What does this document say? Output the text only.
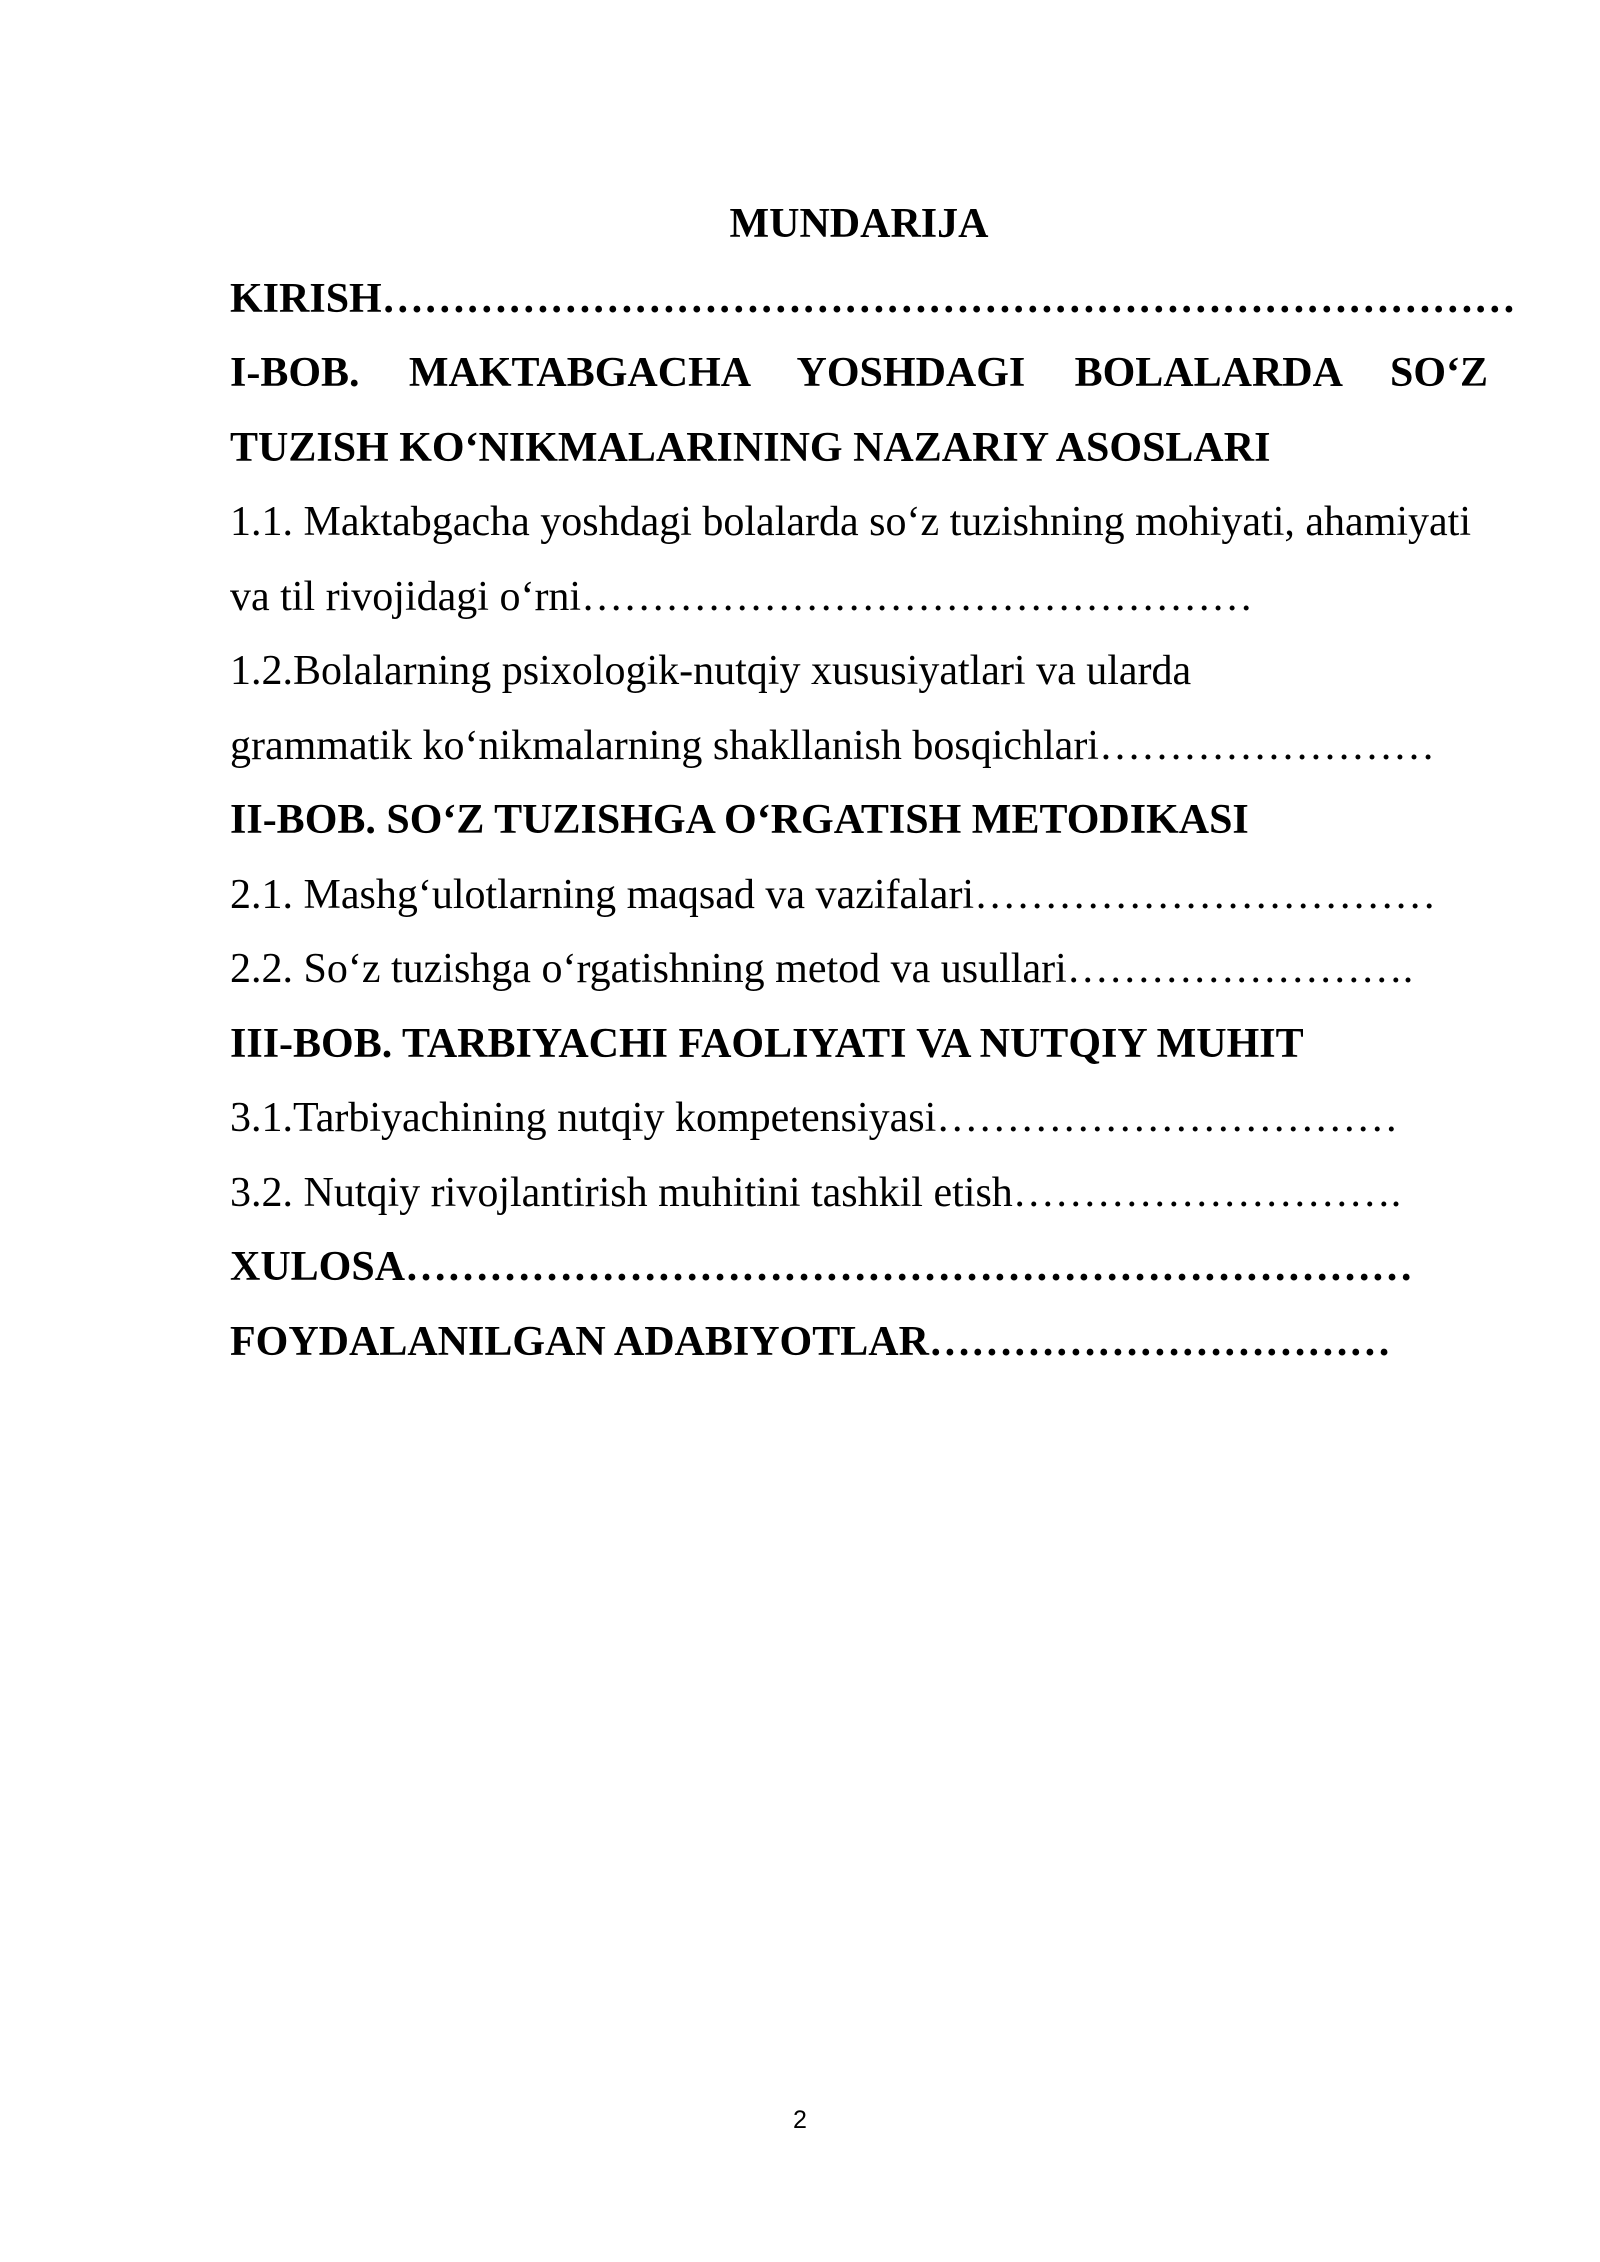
MUNDARIJA
KIRISH………………………………………………………………………
I-BOB. MAKTABGACHA YOSHDAGI BOLALARDA SO‘Z
TUZISH KO‘NIKMALARINING NAZARIY ASOSLARI
1.1. Maktabgacha yoshdagi bolalarda so‘z tuzishning mohiyati, ahamiyati
va til rivojidagi o‘rni…………………………………………
1.2.Bolalarning psixologik-nutqiy xususiyatlari va ularda
grammatik ko‘nikmalarning shakllanish bosqichlari……………………
II-BOB. SO‘Z TUZISHGA O‘RGATISH METODIKASI
2.1. Mashg‘ulotlarning maqsad va vazifalari……………………………
2.2. So‘z tuzishga o‘rgatishning metod va usullari…………………….
III-BOB. TARBIYACHI FAOLIYATI VA NUTQIY MUHIT
3.1.Tarbiyachining nutqiy kompetensiyasi……………………………
3.2. Nutqiy rivojlantirish muhitini tashkil etish……………………….
XULOSA………………………………………………………………
FOYDALANILGAN ADABIYOTLAR……………………………
2
